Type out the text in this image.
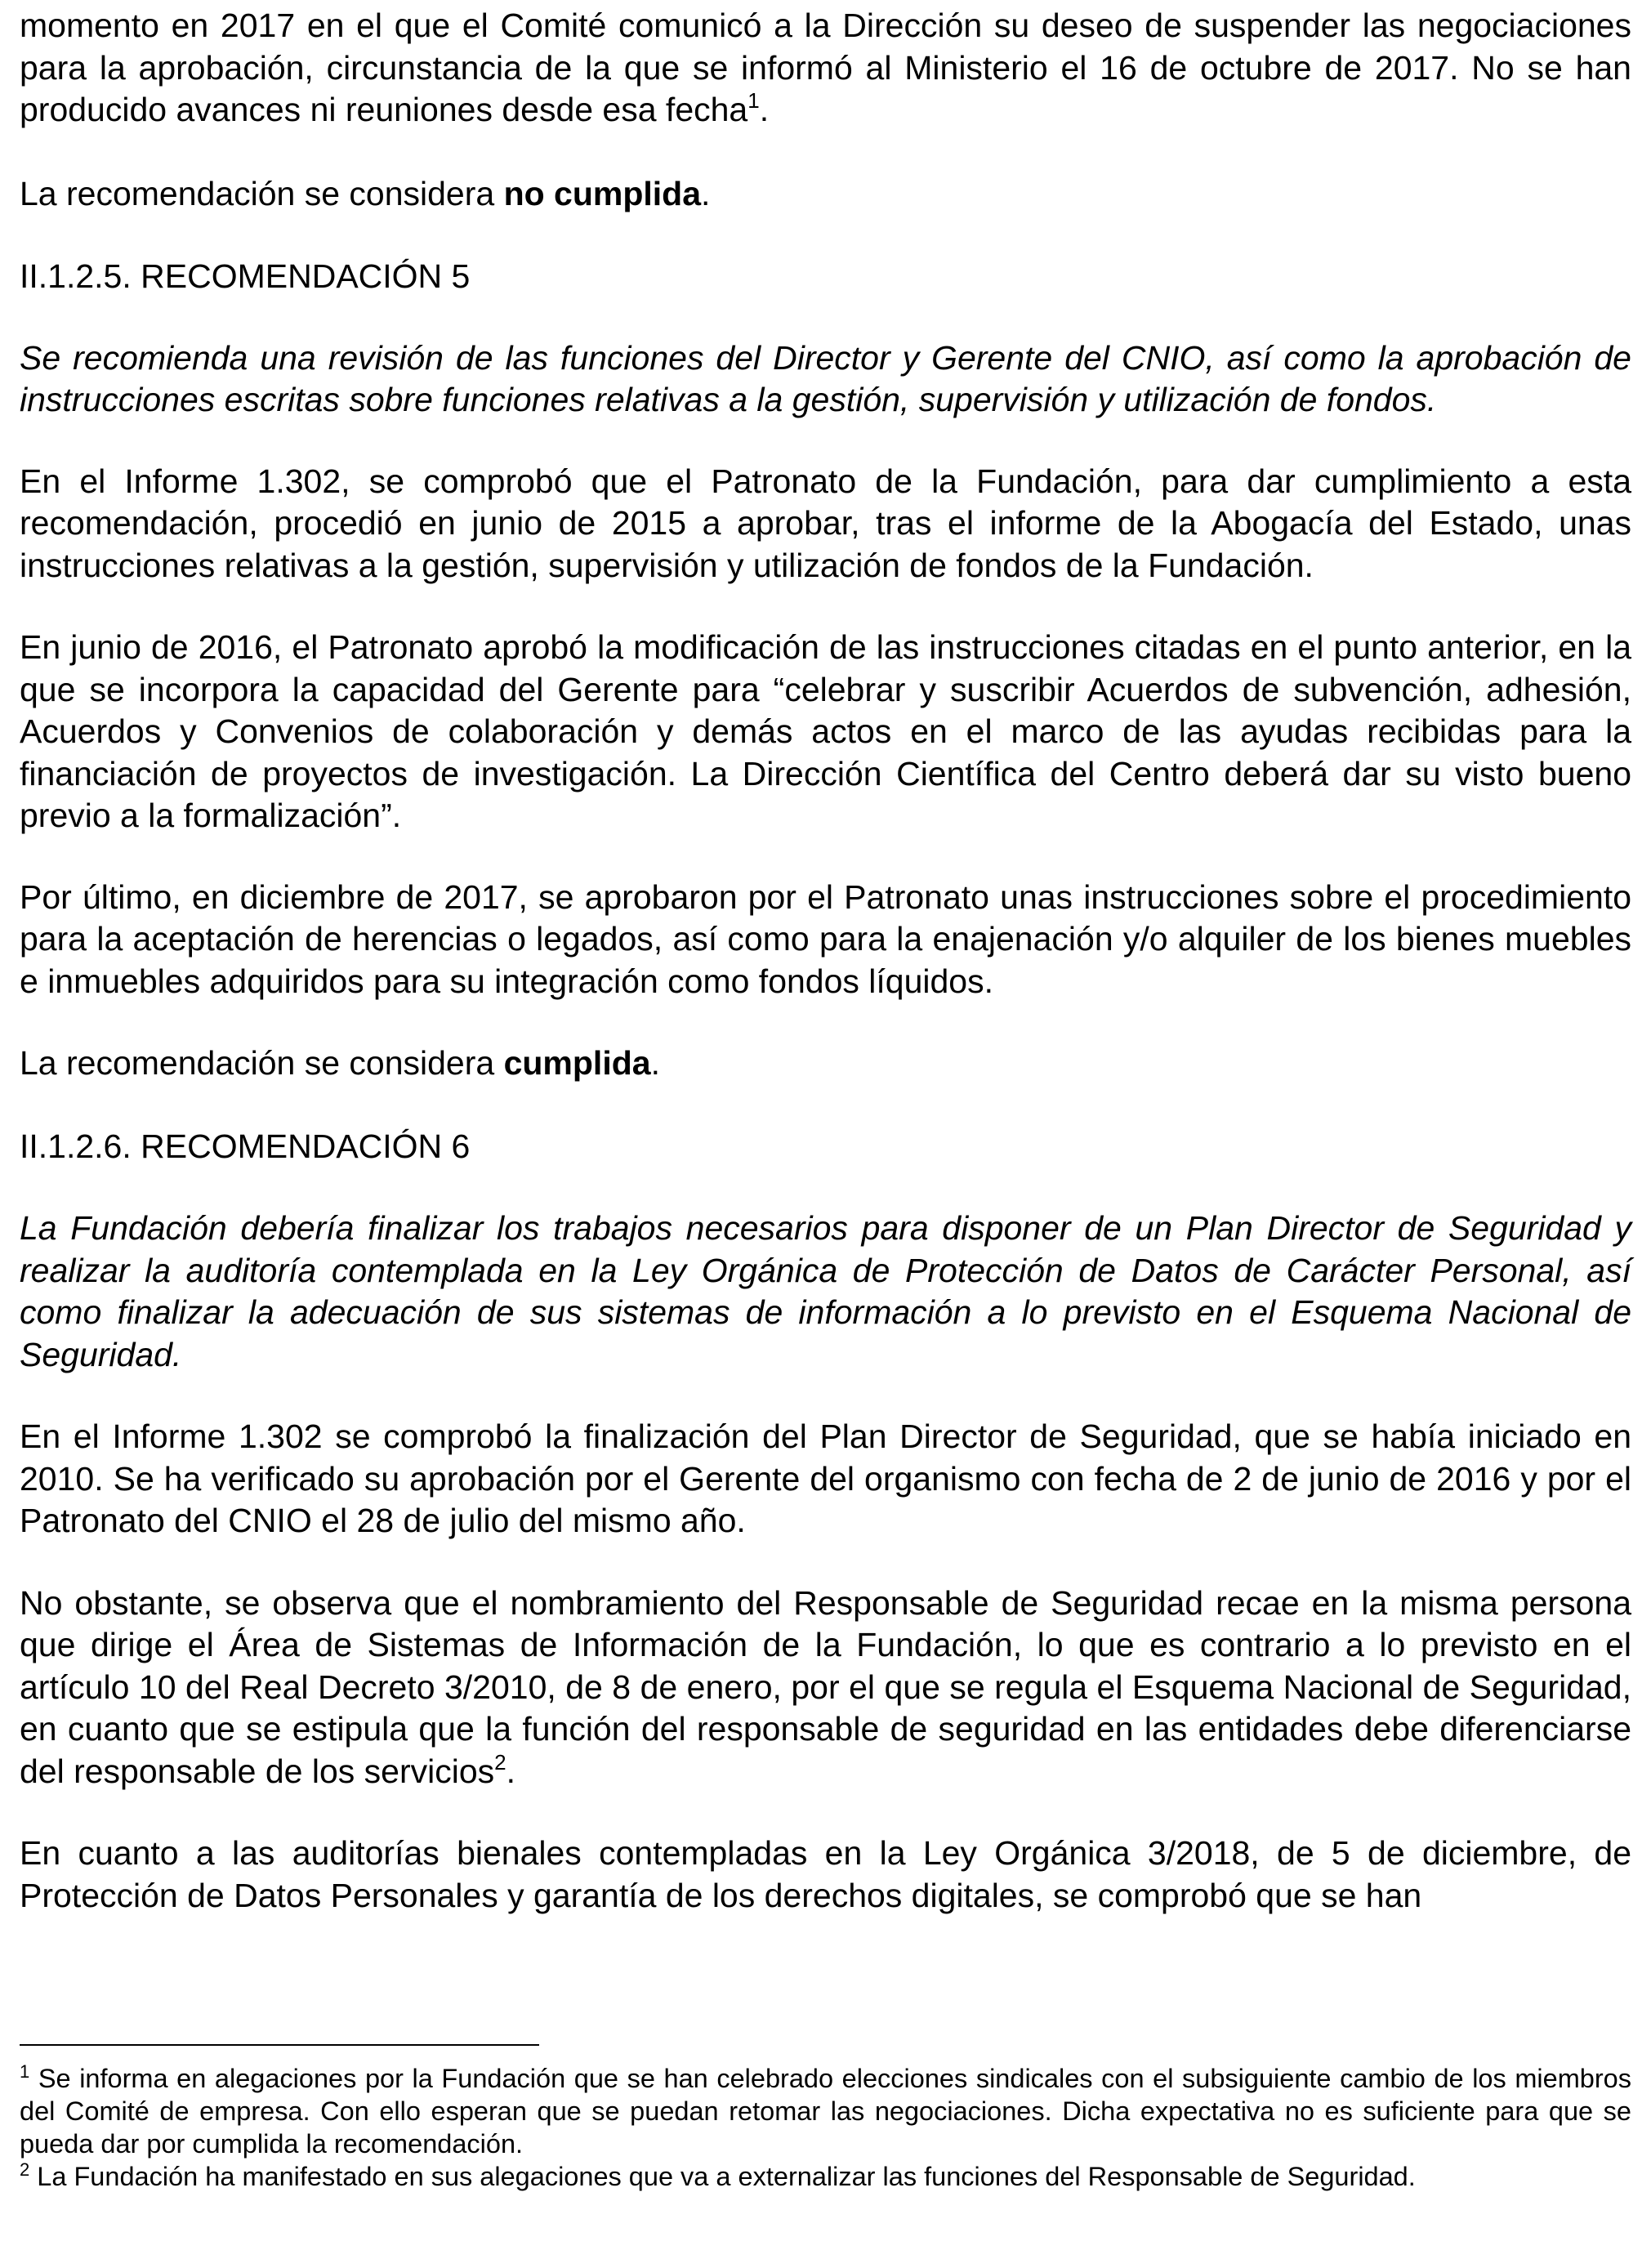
momento en 2017 en el que el Comité comunicó a la Dirección su deseo de suspender las negociaciones para la aprobación, circunstancia de la que se informó al Ministerio el 16 de octubre de 2017. No se han producido avances ni reuniones desde esa fecha$^1$.

La recomendación se considera no cumplida.

II.1.2.5. RECOMENDACIÓN 5

Se recomienda una revisión de las funciones del Director y Gerente del CNIO, así como la aprobación de instrucciones escritas sobre funciones relativas a la gestión, supervisión y utilización de fondos.

En el Informe 1.302, se comprobó que el Patronato de la Fundación, para dar cumplimiento a esta recomendación, procedió en junio de 2015 a aprobar, tras el informe de la Abogacía del Estado, unas instrucciones relativas a la gestión, supervisión y utilización de fondos de la Fundación.

En junio de 2016, el Patronato aprobó la modificación de las instrucciones citadas en el punto anterior, en la que se incorpora la capacidad del Gerente para “celebrar y suscribir Acuerdos de subvención, adhesión, Acuerdos y Convenios de colaboración y demás actos en el marco de las ayudas recibidas para la financiación de proyectos de investigación. La Dirección Científica del Centro deberá dar su visto bueno previo a la formalización”.

Por último, en diciembre de 2017, se aprobaron por el Patronato unas instrucciones sobre el procedimiento para la aceptación de herencias o legados, así como para la enajenación y/o alquiler de los bienes muebles e inmuebles adquiridos para su integración como fondos líquidos.

La recomendación se considera cumplida.

II.1.2.6. RECOMENDACIÓN 6

La Fundación debería finalizar los trabajos necesarios para disponer de un Plan Director de Seguridad y realizar la auditoría contemplada en la Ley Orgánica de Protección de Datos de Carácter Personal, así como finalizar la adecuación de sus sistemas de información a lo previsto en el Esquema Nacional de Seguridad.

En el Informe 1.302 se comprobó la finalización del Plan Director de Seguridad, que se había iniciado en 2010. Se ha verificado su aprobación por el Gerente del organismo con fecha de 2 de junio de 2016 y por el Patronato del CNIO el 28 de julio del mismo año.

No obstante, se observa que el nombramiento del Responsable de Seguridad recae en la misma persona que dirige el Área de Sistemas de Información de la Fundación, lo que es contrario a lo previsto en el artículo 10 del Real Decreto 3/2010, de 8 de enero, por el que se regula el Esquema Nacional de Seguridad, en cuanto que se estipula que la función del responsable de seguridad en las entidades debe diferenciarse del responsable de los servicios$^2$.

En cuanto a las auditorías bienales contempladas en la Ley Orgánica 3/2018, de 5 de diciembre, de Protección de Datos Personales y garantía de los derechos digitales, se comprobó que se han

$^1$ Se informa en alegaciones por la Fundación que se han celebrado elecciones sindicales con el subsiguiente cambio de los miembros del Comité de empresa. Con ello esperan que se puedan retomar las negociaciones. Dicha expectativa no es suficiente para que se pueda dar por cumplida la recomendación.

$^2$ La Fundación ha manifestado en sus alegaciones que va a externalizar las funciones del Responsable de Seguridad.
